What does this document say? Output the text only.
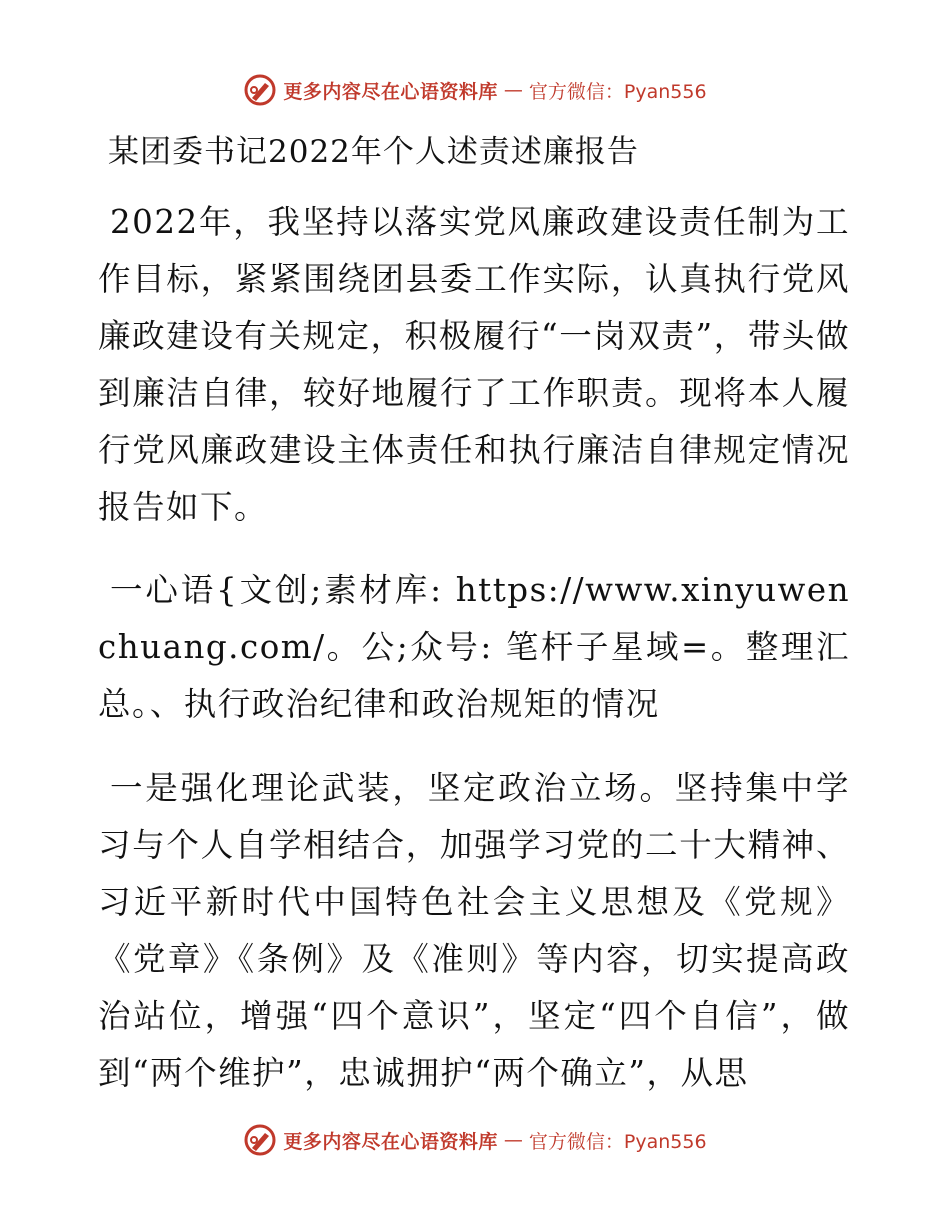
更多内容尽在心语资料库 — 官方微信：Pyan556
某团委书记2022年个人述责述廉报告
2022年，我坚持以落实党风廉政建设责任制为工作目标，紧紧围绕团县委工作实际，认真执行党风廉政建设有关规定，积极履行“一岗双责”，带头做到廉洁自律，较好地履行了工作职责。现将本人履行党风廉政建设主体责任和执行廉洁自律规定情况报告如下。
一心语{文创;素材库: https://www.xinyuwenchuang.com/。公;众号: 笔杆子星域=。整理汇总。、执行政治纪律和政治规矩的情况
一是强化理论武装，坚定政治立场。坚持集中学习与个人自学相结合，加强学习党的二十大精神、习近平新时代中国特色社会主义思想及《党规》《党章》《条例》及《准则》等内容，切实提高政治站位，增强“四个意识”，坚定“四个自信”，做到“两个维护”，忠诚拥护“两个确立”，从思
更多内容尽在心语资料库 — 官方微信：Pyan556
